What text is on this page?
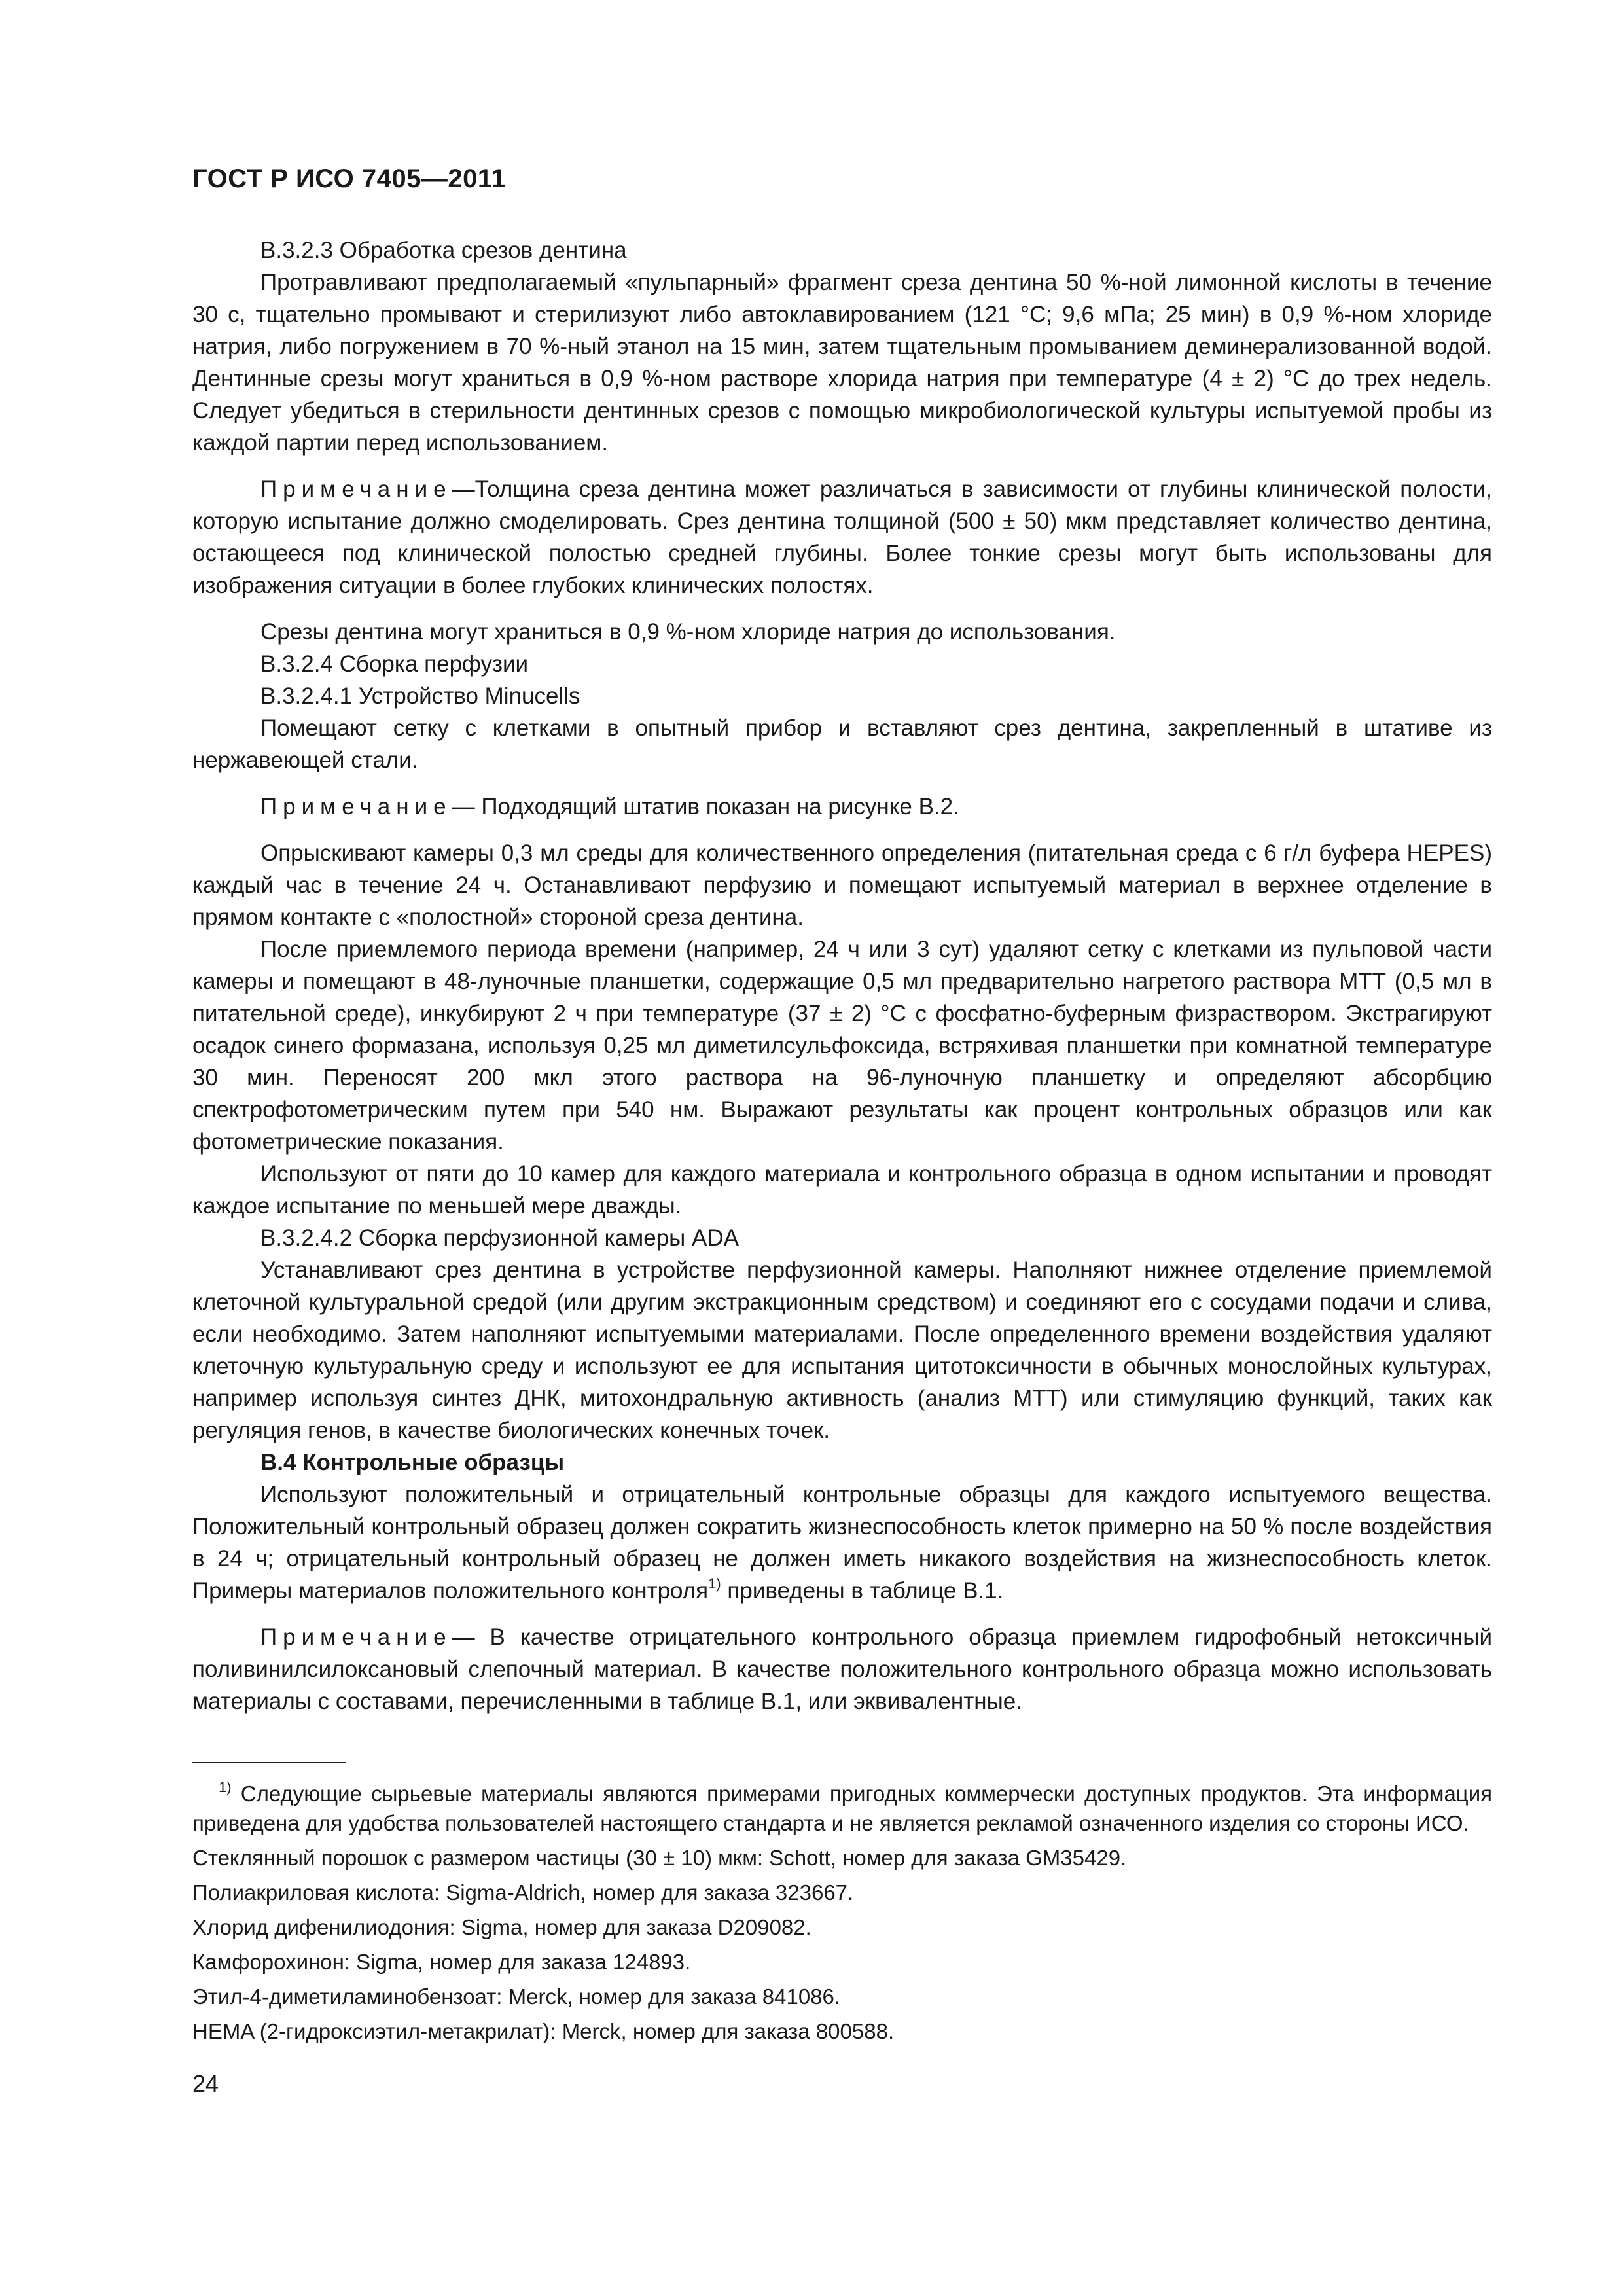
ГОСТ Р ИСО 7405—2011

В.3.2.3 Обработка срезов дентина

Протравливают предполагаемый «пульпарный» фрагмент среза дентина 50 %-ной лимонной кислоты в течение 30 с, тщательно промывают и стерилизуют либо автоклавированием (121 °С; 9,6 мПа; 25 мин) в 0,9 %-ном хлориде натрия, либо погружением в 70 %-ный этанол на 15 мин, затем тщательным промыванием деминерализованной водой. Дентинные срезы могут храниться в 0,9 %-ном растворе хлорида натрия при температуре (4 ± 2) °С до трех недель. Следует убедиться в стерильности дентинных срезов с помощью микробиологической культуры испытуемой пробы из каждой партии перед использованием.

Примечание—Толщина среза дентина может различаться в зависимости от глубины клинической полости, которую испытание должно смоделировать. Срез дентина толщиной (500 ± 50) мкм представляет количество дентина, остающееся под клинической полостью средней глубины. Более тонкие срезы могут быть использованы для изображения ситуации в более глубоких клинических полостях.

Срезы дентина могут храниться в 0,9 %-ном хлориде натрия до использования.

В.3.2.4 Сборка перфузии

В.3.2.4.1 Устройство Minucells

Помещают сетку с клетками в опытный прибор и вставляют срез дентина, закрепленный в штативе из нержавеющей стали.

Примечание— Подходящий штатив показан на рисунке В.2.

Опрыскивают камеры 0,3 мл среды для количественного определения (питательная среда с 6 г/л буфера HEPES) каждый час в течение 24 ч. Останавливают перфузию и помещают испытуемый материал в верхнее отделение в прямом контакте с «полостной» стороной среза дентина.

После приемлемого периода времени (например, 24 ч или 3 сут) удаляют сетку с клетками из пульповой части камеры и помещают в 48-луночные планшетки, содержащие 0,5 мл предварительно нагретого раствора МТТ (0,5 мл в питательной среде), инкубируют 2 ч при температуре (37 ± 2) °С с фосфатно-буферным физраствором. Экстрагируют осадок синего формазана, используя 0,25 мл диметилсульфоксида, встряхивая планшетки при комнатной температуре 30 мин. Переносят 200 мкл этого раствора на 96-луночную планшетку и определяют абсорбцию спектрофотометрическим путем при 540 нм. Выражают результаты как процент контрольных образцов или как фотометрические показания.

Используют от пяти до 10 камер для каждого материала и контрольного образца в одном испытании и проводят каждое испытание по меньшей мере дважды.

В.3.2.4.2 Сборка перфузионной камеры ADA

Устанавливают срез дентина в устройстве перфузионной камеры. Наполняют нижнее отделение приемлемой клеточной культуральной средой (или другим экстракционным средством) и соединяют его с сосудами подачи и слива, если необходимо. Затем наполняют испытуемыми материалами. После определенного времени воздействия удаляют клеточную культуральную среду и используют ее для испытания цитотоксичности в обычных монослойных культурах, например используя синтез ДНК, митохондральную активность (анализ МТТ) или стимуляцию функций, таких как регуляция генов, в качестве биологических конечных точек.

В.4 Контрольные образцы

Используют положительный и отрицательный контрольные образцы для каждого испытуемого вещества. Положительный контрольный образец должен сократить жизнеспособность клеток примерно на 50 % после воздействия в 24 ч; отрицательный контрольный образец не должен иметь никакого воздействия на жизнеспособность клеток. Примеры материалов положительного контроля$^{1)}$ приведены в таблице В.1.

Примечание— В качестве отрицательного контрольного образца приемлем гидрофобный нетоксичный поливинилсилоксановый слепочный материал. В качестве положительного контрольного образца можно использовать материалы с составами, перечисленными в таблице В.1, или эквивалентные.

$^{1)}$ Следующие сырьевые материалы являются примерами пригодных коммерчески доступных продуктов. Эта информация приведена для удобства пользователей настоящего стандарта и не является рекламой означенного изделия со стороны ИСО.

Стеклянный порошок с размером частицы (30 ± 10) мкм: Schott, номер для заказа GM35429.

Полиакриловая кислота: Sigma-Aldrich, номер для заказа 323667.

Хлорид дифенилиодония: Sigma, номер для заказа D209082.

Камфорохинон: Sigma, номер для заказа 124893.

Этил-4-диметиламинобензоат: Merck, номер для заказа 841086.

HEMA (2-гидроксиэтил-метакрилат): Merck, номер для заказа 800588.

24
